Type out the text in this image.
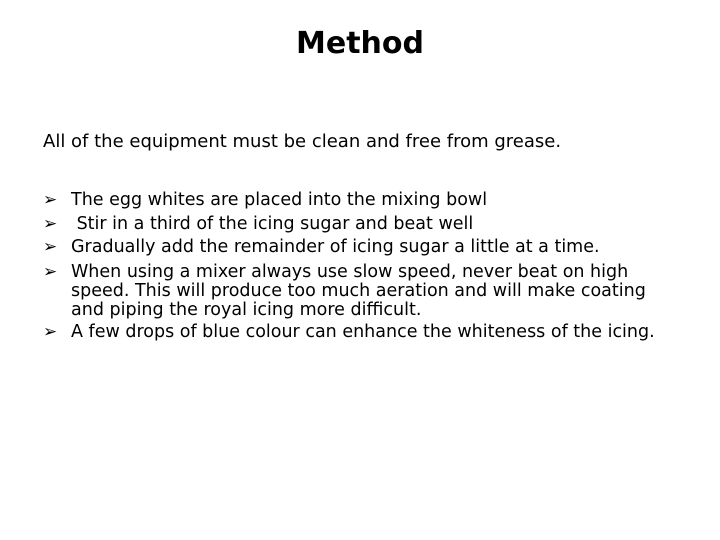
Method
All of the equipment must be clean and free from grease.
➢ The egg whites are placed into the mixing bowl
➢ Stir in a third of the icing sugar and beat well
➢ Gradually add the remainder of icing sugar a little at a time.
➢ When using a mixer always use slow speed, never beat on high speed. This will produce too much aeration and will make coating and piping the royal icing more difficult.
➢ A few drops of blue colour can enhance the whiteness of the icing.
